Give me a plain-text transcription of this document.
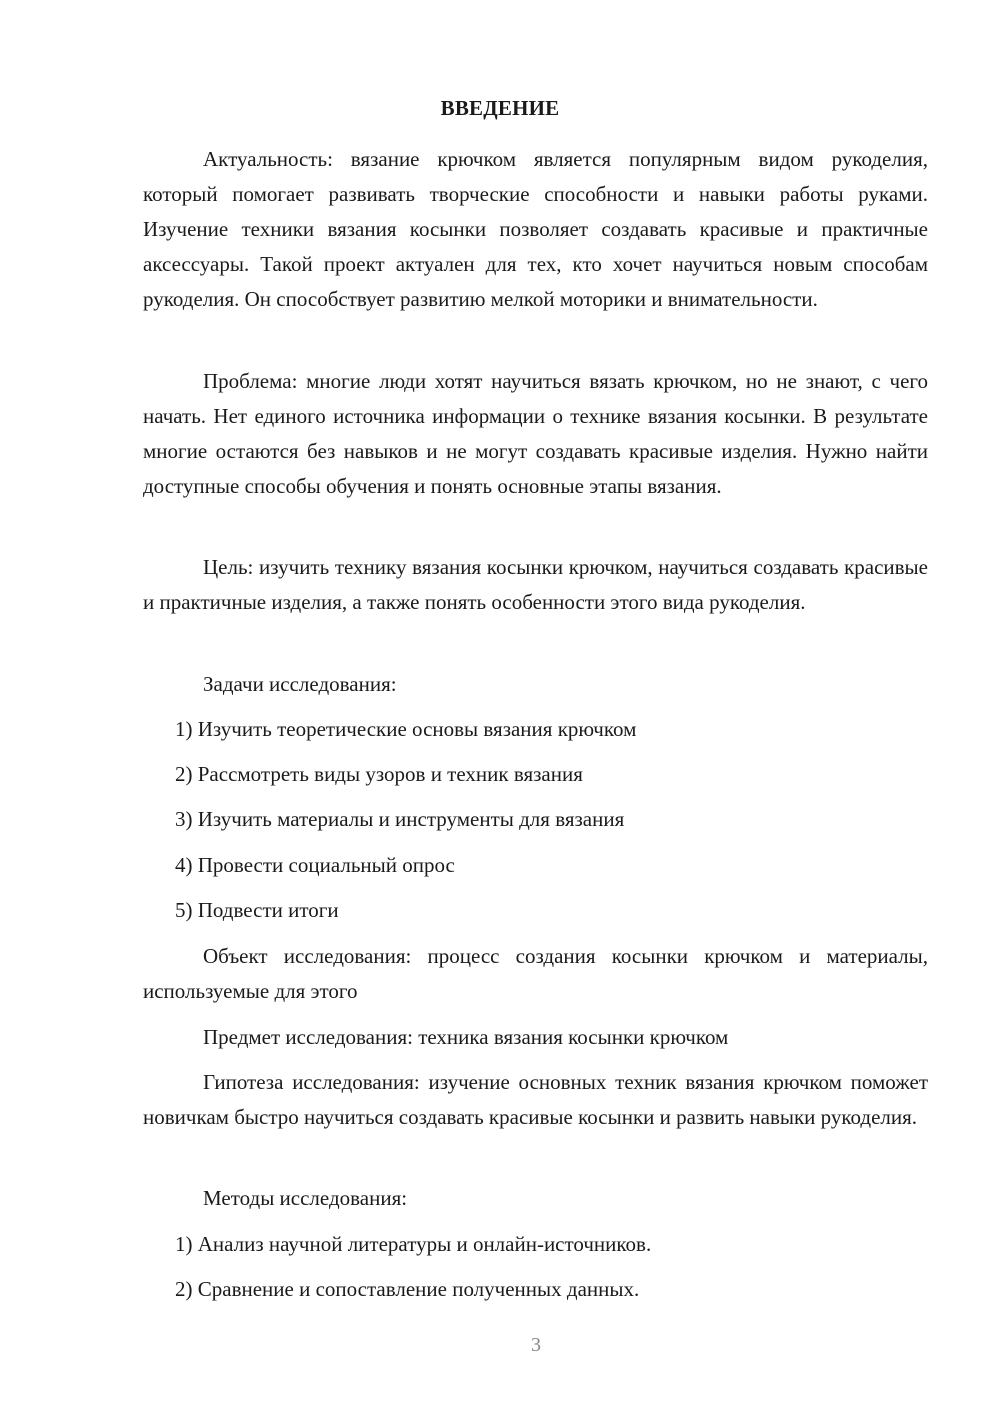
ВВЕДЕНИЕ
Актуальность: вязание крючком является популярным видом рукоделия, который помогает развивать творческие способности и навыки работы руками. Изучение техники вязания косынки позволяет создавать красивые и практичные аксессуары. Такой проект актуален для тех, кто хочет научиться новым способам рукоделия. Он способствует развитию мелкой моторики и внимательности.
Проблема: многие люди хотят научиться вязать крючком, но не знают, с чего начать. Нет единого источника информации о технике вязания косынки. В результате многие остаются без навыков и не могут создавать красивые изделия. Нужно найти доступные способы обучения и понять основные этапы вязания.
Цель: изучить технику вязания косынки крючком, научиться создавать красивые и практичные изделия, а также понять особенности этого вида рукоделия.
Задачи исследования:
1) Изучить теоретические основы вязания крючком
2) Рассмотреть виды узоров и техник вязания
3) Изучить материалы и инструменты для вязания
4) Провести социальный опрос
5) Подвести итоги
Объект исследования: процесс создания косынки крючком и материалы, используемые для этого
Предмет исследования: техника вязания косынки крючком
Гипотеза исследования: изучение основных техник вязания крючком поможет новичкам быстро научиться создавать красивые косынки и развить навыки рукоделия.
Методы исследования:
1) Анализ научной литературы и онлайн-источников.
2) Сравнение и сопоставление полученных данных.
3
